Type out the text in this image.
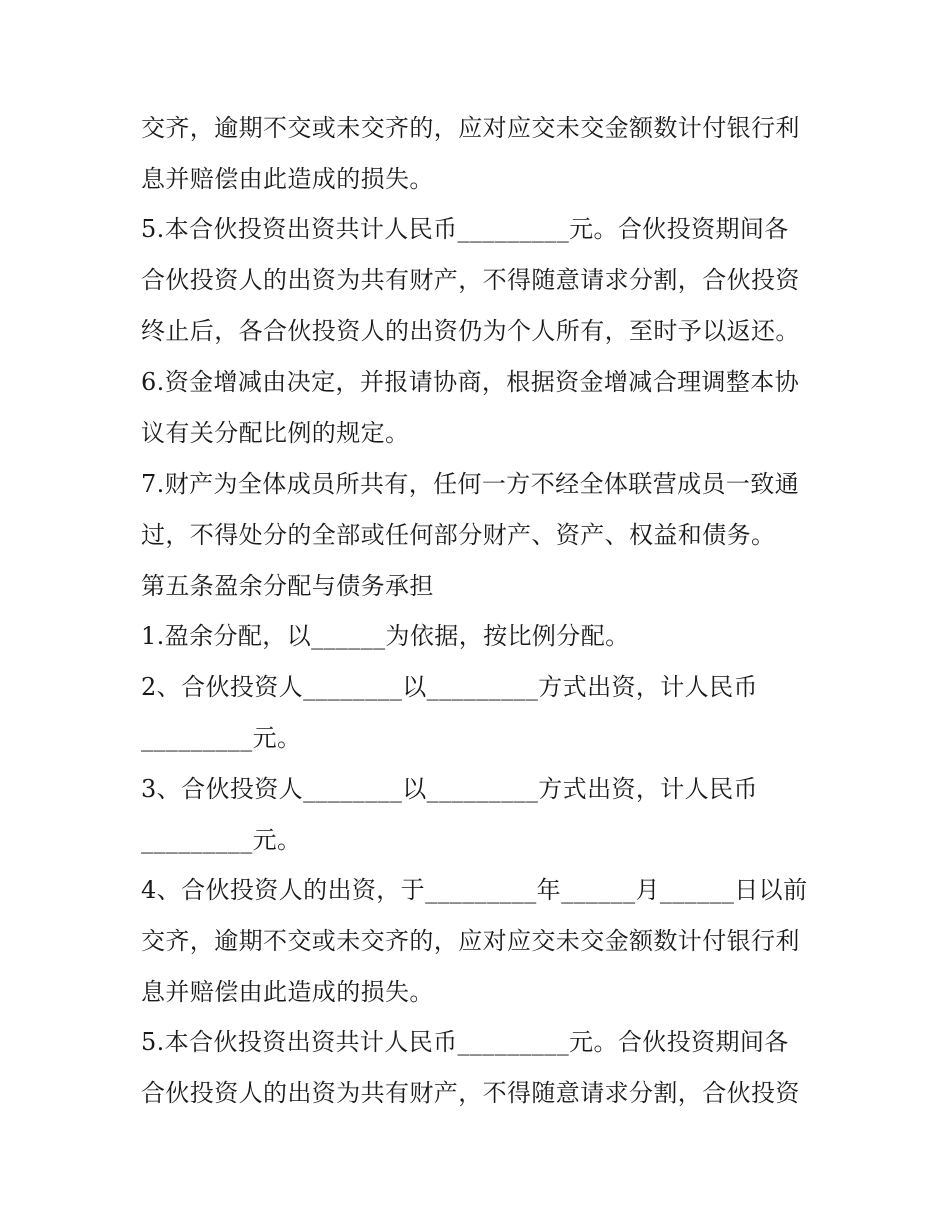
交齐，逾期不交或未交齐的，应对应交未交金额数计付银行利
息并赔偿由此造成的损失。
5.本合伙投资出资共计人民币_________元。合伙投资期间各
合伙投资人的出资为共有财产，不得随意请求分割，合伙投资
终止后，各合伙投资人的出资仍为个人所有，至时予以返还。
6.资金增减由决定，并报请协商，根据资金增减合理调整本协
议有关分配比例的规定。
7.财产为全体成员所共有，任何一方不经全体联营成员一致通
过，不得处分的全部或任何部分财产、资产、权益和债务。
第五条盈余分配与债务承担
1.盈余分配，以______为依据，按比例分配。
2、合伙投资人________以_________方式出资，计人民币
_________元。
3、合伙投资人________以_________方式出资，计人民币
_________元。
4、合伙投资人的出资，于_________年______月______日以前
交齐，逾期不交或未交齐的，应对应交未交金额数计付银行利
息并赔偿由此造成的损失。
5.本合伙投资出资共计人民币_________元。合伙投资期间各
合伙投资人的出资为共有财产，不得随意请求分割，合伙投资
